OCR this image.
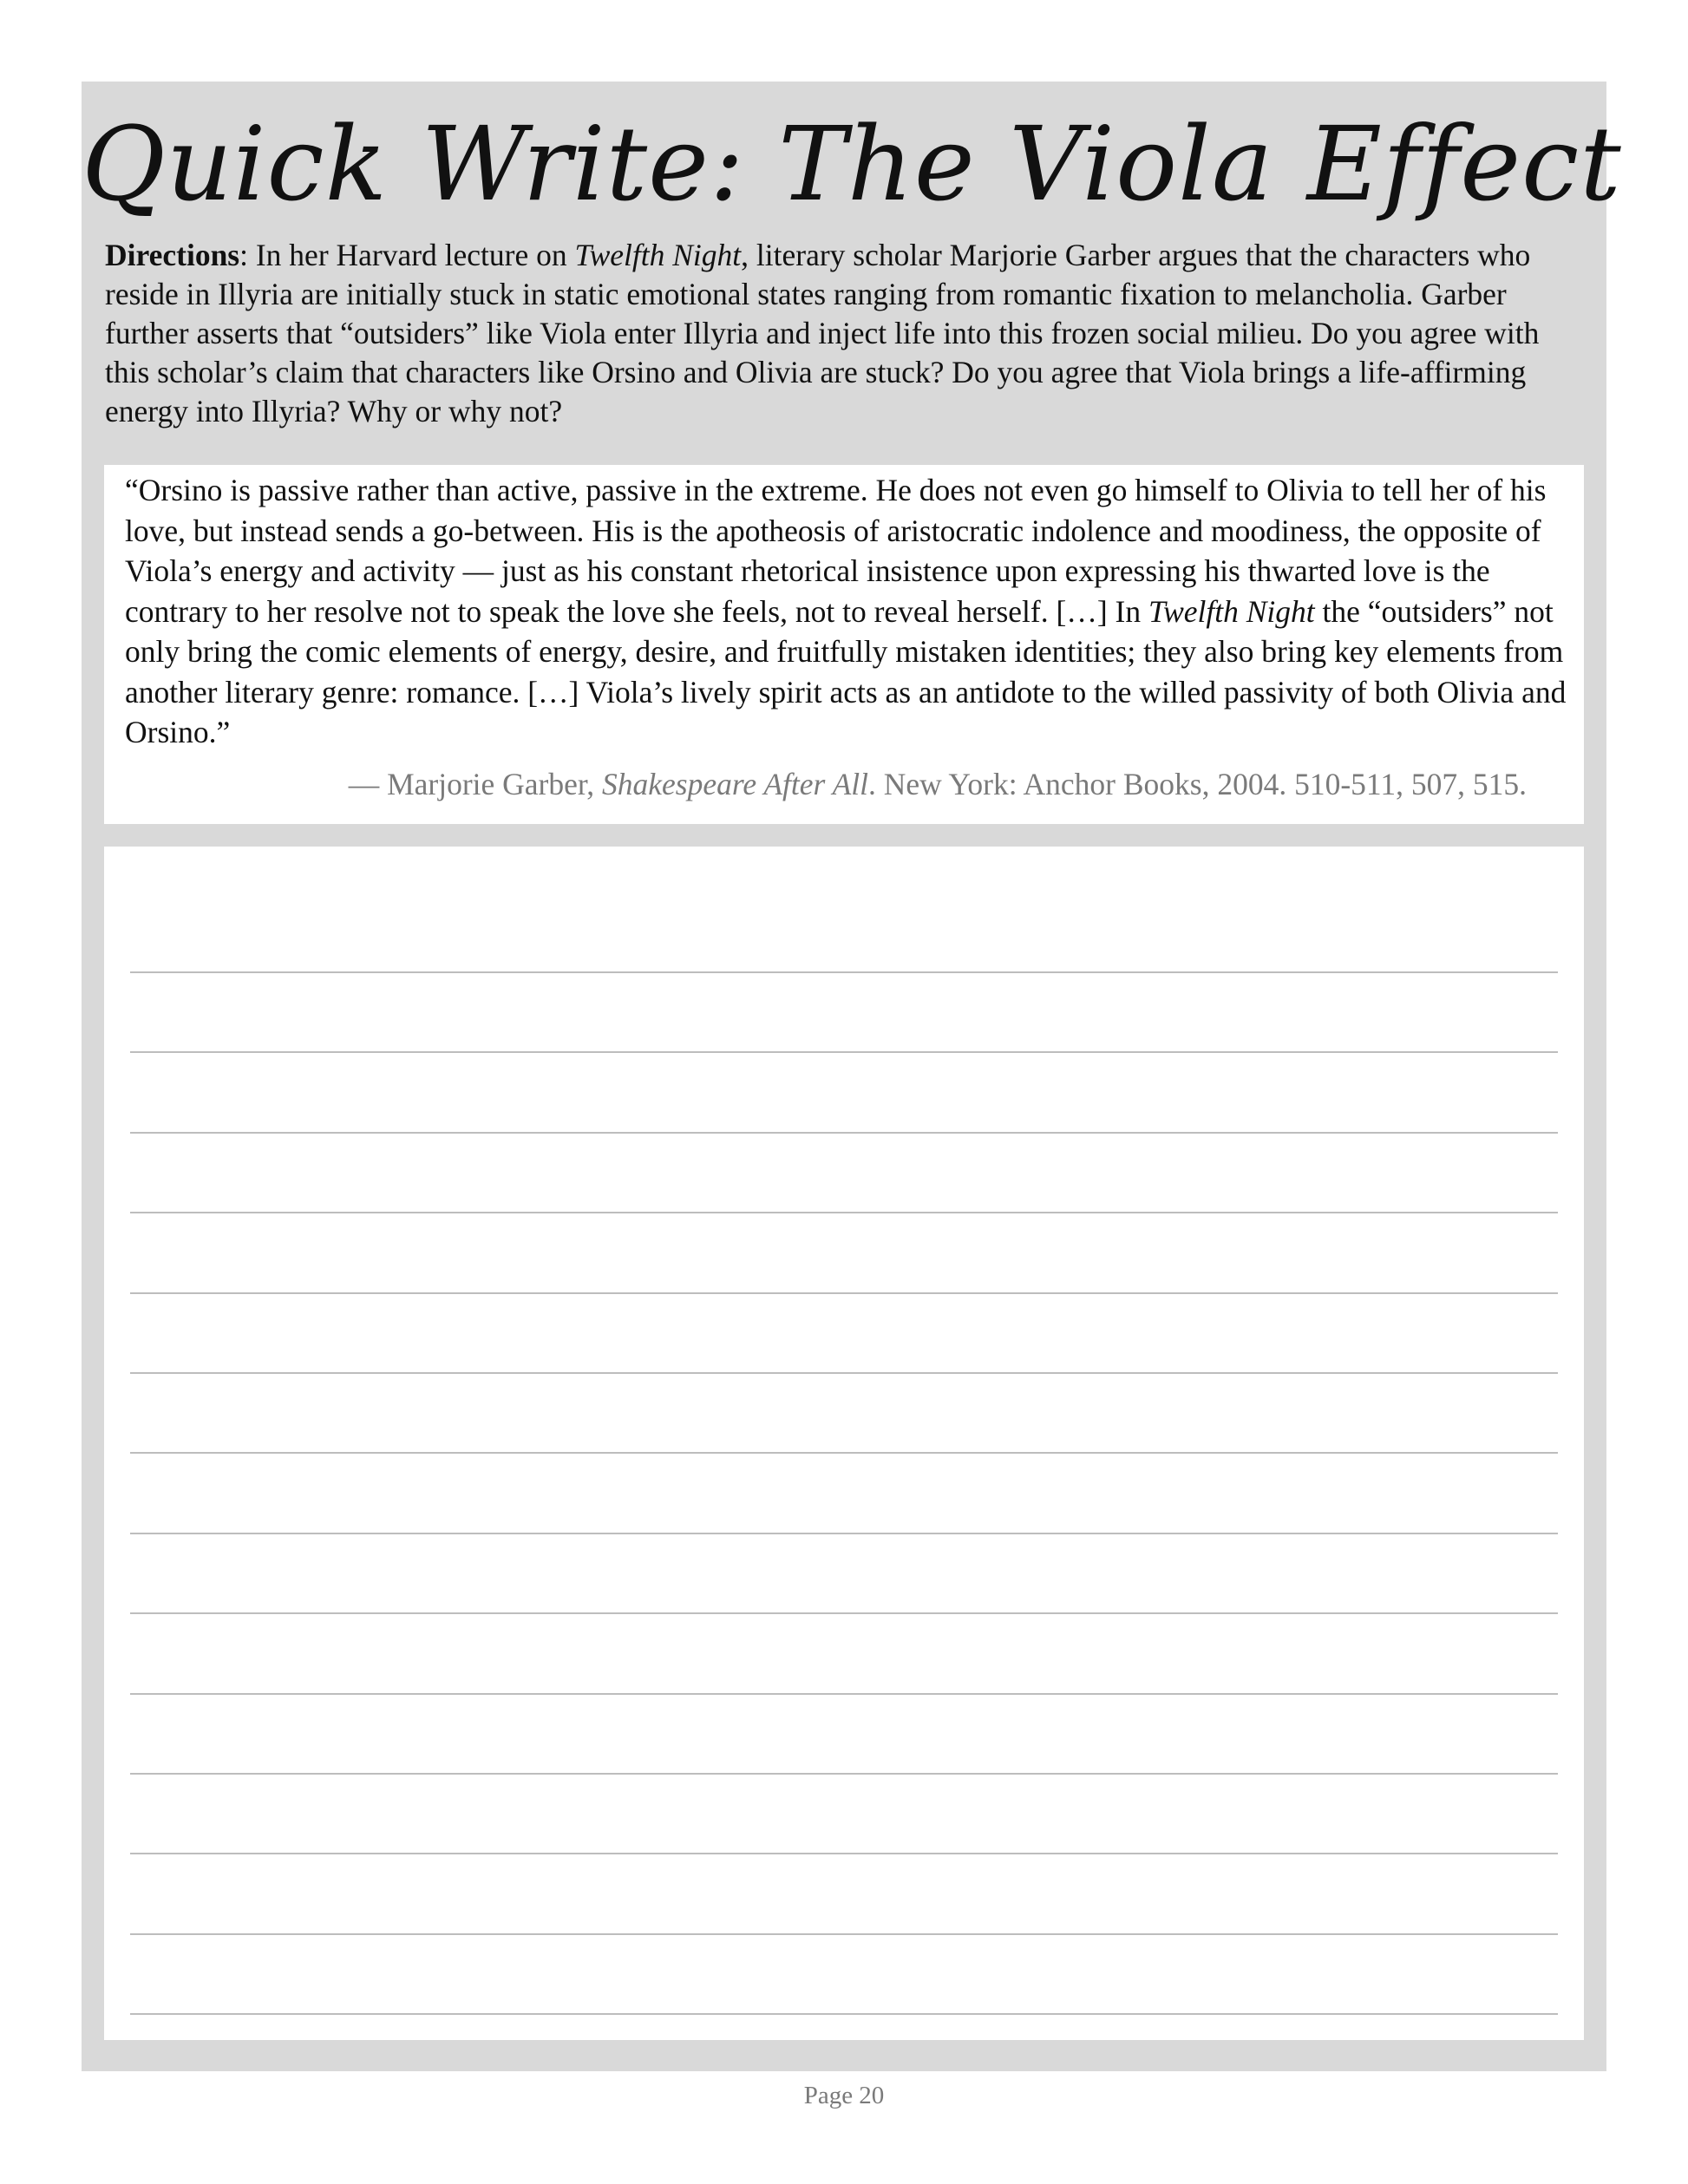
Quick Write: The Viola Effect

Directions: In her Harvard lecture on Twelfth Night, literary scholar Marjorie Garber argues that the characters who reside in Illyria are initially stuck in static emotional states ranging from romantic fixation to melancholia. Garber further asserts that “outsiders” like Viola enter Illyria and inject life into this frozen social milieu. Do you agree with this scholar’s claim that characters like Orsino and Olivia are stuck? Do you agree that Viola brings a life-affirming energy into Illyria? Why or why not?

“Orsino is passive rather than active, passive in the extreme. He does not even go himself to Olivia to tell her of his love, but instead sends a go-between. His is the apotheosis of aristocratic indolence and moodiness, the opposite of Viola’s energy and activity — just as his constant rhetorical insistence upon expressing his thwarted love is the contrary to her resolve not to speak the love she feels, not to reveal herself. […] In Twelfth Night the “outsiders” not only bring the comic elements of energy, desire, and fruitfully mistaken identities; they also bring key elements from another literary genre: romance. […] Viola’s lively spirit acts as an antidote to the willed passivity of both Olivia and Orsino.”

— Marjorie Garber, Shakespeare After All. New York: Anchor Books, 2004. 510-511, 507, 515.

Page 20
